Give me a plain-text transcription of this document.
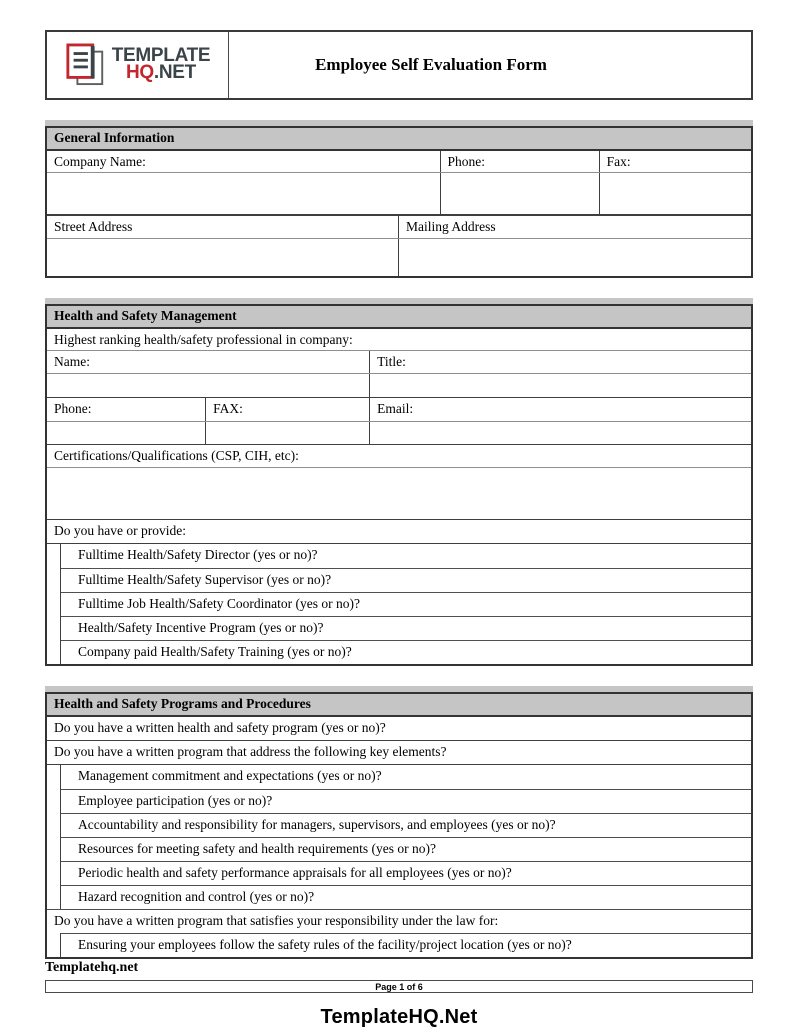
TEMPLATE
HQ.NET	Employee Self Evaluation Form
General Information
Company Name:	Phone:	Fax:
Street Address	Mailing Address
Health and Safety Management
Highest ranking health/safety professional in company:
Name:	Title:
Phone:	FAX:	Email:
Certifications/Qualifications (CSP, CIH, etc):
Do you have or provide:
Fulltime Health/Safety Director (yes or no)?
Fulltime Health/Safety Supervisor (yes or no)?
Fulltime Job Health/Safety Coordinator (yes or no)?
Health/Safety Incentive Program (yes or no)?
Company paid Health/Safety Training (yes or no)?
Health and Safety Programs and Procedures
Do you have a written health and safety program (yes or no)?
Do you have a written program that address the following key elements?
Management commitment and expectations (yes or no)?
Employee participation (yes or no)?
Accountability and responsibility for managers, supervisors, and employees (yes or no)?
Resources for meeting safety and health requirements (yes or no)?
Periodic health and safety performance appraisals for all employees (yes or no)?
Hazard recognition and control (yes or no)?
Do you have a written program that satisfies your responsibility under the law for:
Ensuring your employees follow the safety rules of the facility/project location (yes or no)?
Templatehq.net
Page 1 of 6
TemplateHQ.Net
